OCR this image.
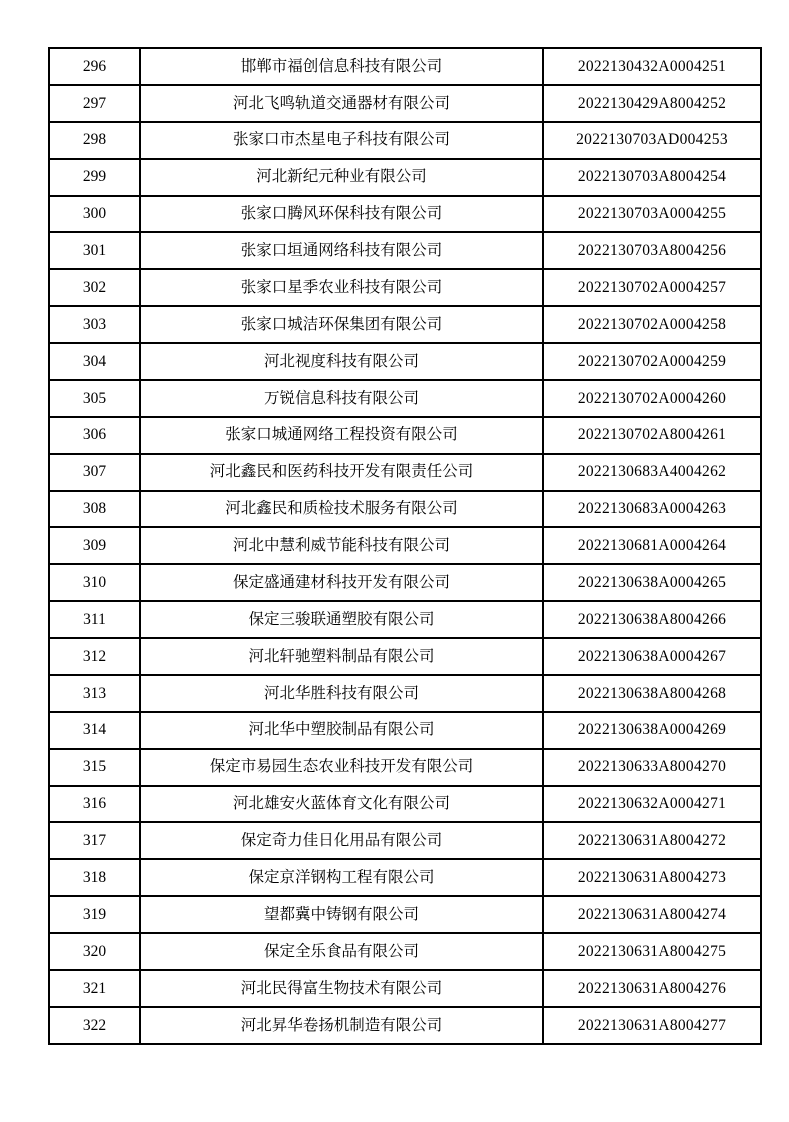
296	邯郸市福创信息科技有限公司	2022130432A0004251
297	河北飞鸣轨道交通器材有限公司	2022130429A8004252
298	张家口市杰星电子科技有限公司	2022130703AD004253
299	河北新纪元种业有限公司	2022130703A8004254
300	张家口腾风环保科技有限公司	2022130703A0004255
301	张家口垣通网络科技有限公司	2022130703A8004256
302	张家口星季农业科技有限公司	2022130702A0004257
303	张家口城洁环保集团有限公司	2022130702A0004258
304	河北视度科技有限公司	2022130702A0004259
305	万锐信息科技有限公司	2022130702A0004260
306	张家口城通网络工程投资有限公司	2022130702A8004261
307	河北鑫民和医药科技开发有限责任公司	2022130683A4004262
308	河北鑫民和质检技术服务有限公司	2022130683A0004263
309	河北中慧利威节能科技有限公司	2022130681A0004264
310	保定盛通建材科技开发有限公司	2022130638A0004265
311	保定三骏联通塑胶有限公司	2022130638A8004266
312	河北轩驰塑料制品有限公司	2022130638A0004267
313	河北华胜科技有限公司	2022130638A8004268
314	河北华中塑胶制品有限公司	2022130638A0004269
315	保定市易园生态农业科技开发有限公司	2022130633A8004270
316	河北雄安火蓝体育文化有限公司	2022130632A0004271
317	保定奇力佳日化用品有限公司	2022130631A8004272
318	保定京洋钢构工程有限公司	2022130631A8004273
319	望都冀中铸钢有限公司	2022130631A8004274
320	保定全乐食品有限公司	2022130631A8004275
321	河北民得富生物技术有限公司	2022130631A8004276
322	河北昇华卷扬机制造有限公司	2022130631A8004277
